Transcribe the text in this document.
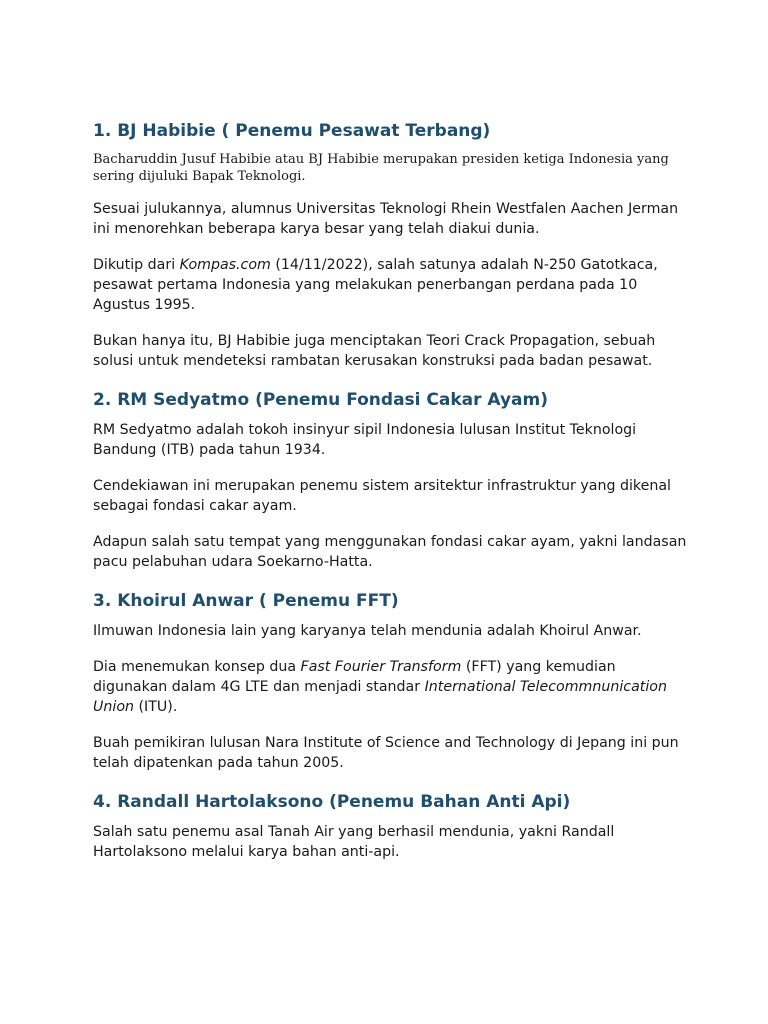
1. BJ Habibie ( Penemu Pesawat Terbang)

Bacharuddin Jusuf Habibie atau BJ Habibie merupakan presiden ketiga Indonesia yang sering dijuluki Bapak Teknologi.

Sesuai julukannya, alumnus Universitas Teknologi Rhein Westfalen Aachen Jerman ini menorehkan beberapa karya besar yang telah diakui dunia.

Dikutip dari Kompas.com (14/11/2022), salah satunya adalah N-250 Gatotkaca, pesawat pertama Indonesia yang melakukan penerbangan perdana pada 10 Agustus 1995.

Bukan hanya itu, BJ Habibie juga menciptakan Teori Crack Propagation, sebuah solusi untuk mendeteksi rambatan kerusakan konstruksi pada badan pesawat.

2. RM Sedyatmo (Penemu Fondasi Cakar Ayam)

RM Sedyatmo adalah tokoh insinyur sipil Indonesia lulusan Institut Teknologi Bandung (ITB) pada tahun 1934.

Cendekiawan ini merupakan penemu sistem arsitektur infrastruktur yang dikenal sebagai fondasi cakar ayam.

Adapun salah satu tempat yang menggunakan fondasi cakar ayam, yakni landasan pacu pelabuhan udara Soekarno-Hatta.

3. Khoirul Anwar ( Penemu FFT)

Ilmuwan Indonesia lain yang karyanya telah mendunia adalah Khoirul Anwar.

Dia menemukan konsep dua Fast Fourier Transform (FFT) yang kemudian digunakan dalam 4G LTE dan menjadi standar International Telecommnunication Union (ITU).

Buah pemikiran lulusan Nara Institute of Science and Technology di Jepang ini pun telah dipatenkan pada tahun 2005.

4. Randall Hartolaksono (Penemu Bahan Anti Api)

Salah satu penemu asal Tanah Air yang berhasil mendunia, yakni Randall Hartolaksono melalui karya bahan anti-api.
